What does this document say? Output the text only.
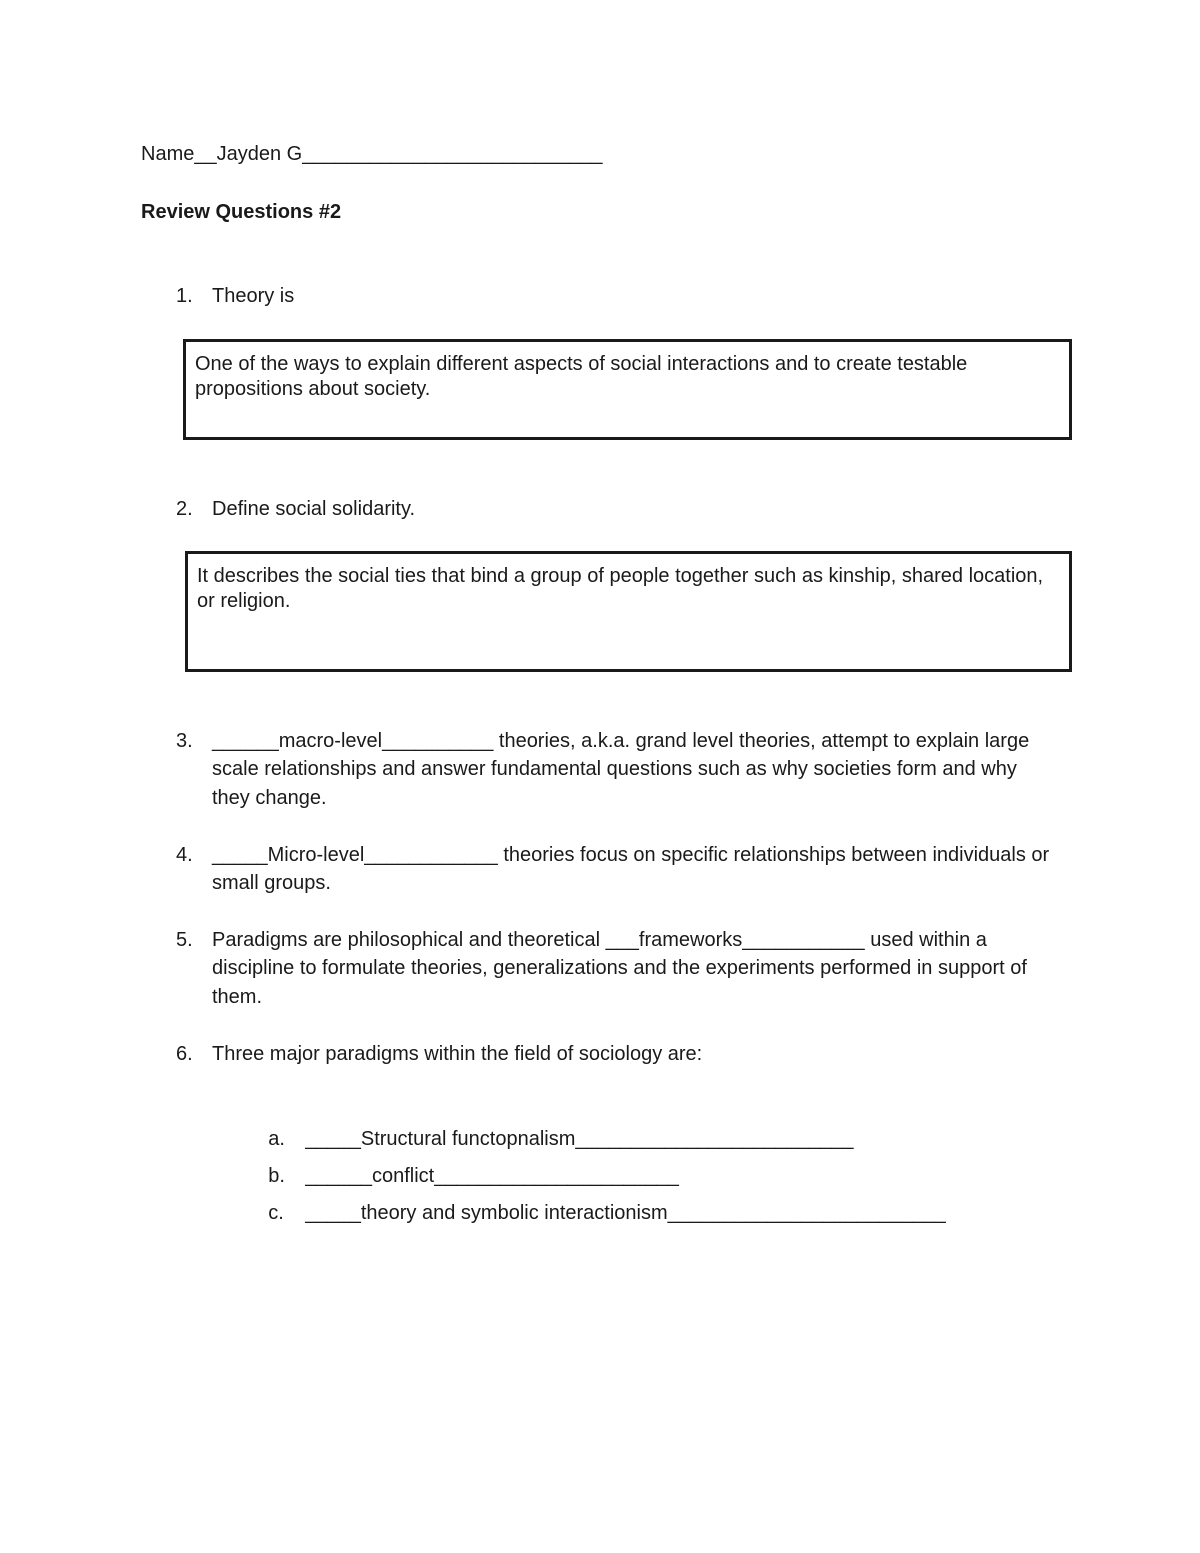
Name__Jayden G___________________________
Review Questions #2
1. Theory is
One of the ways to explain different aspects of social interactions and to create testable propositions about society.
2. Define social solidarity.
It describes the social ties that bind a group of people together such as kinship, shared location, or religion.
3. ______macro-level__________ theories, a.k.a. grand level theories, attempt to explain large scale relationships and answer fundamental questions such as why societies form and why they change.
4. _____Micro-level____________ theories focus on specific relationships between individuals or small groups.
5. Paradigms are philosophical and theoretical ___frameworks___________ used within a discipline to formulate theories, generalizations and the experiments performed in support of them.
6. Three major paradigms within the field of sociology are:

a. _____Structural functopnalism_________________________

b. ______conflict______________________

c. _____theory and symbolic interactionism_________________________
